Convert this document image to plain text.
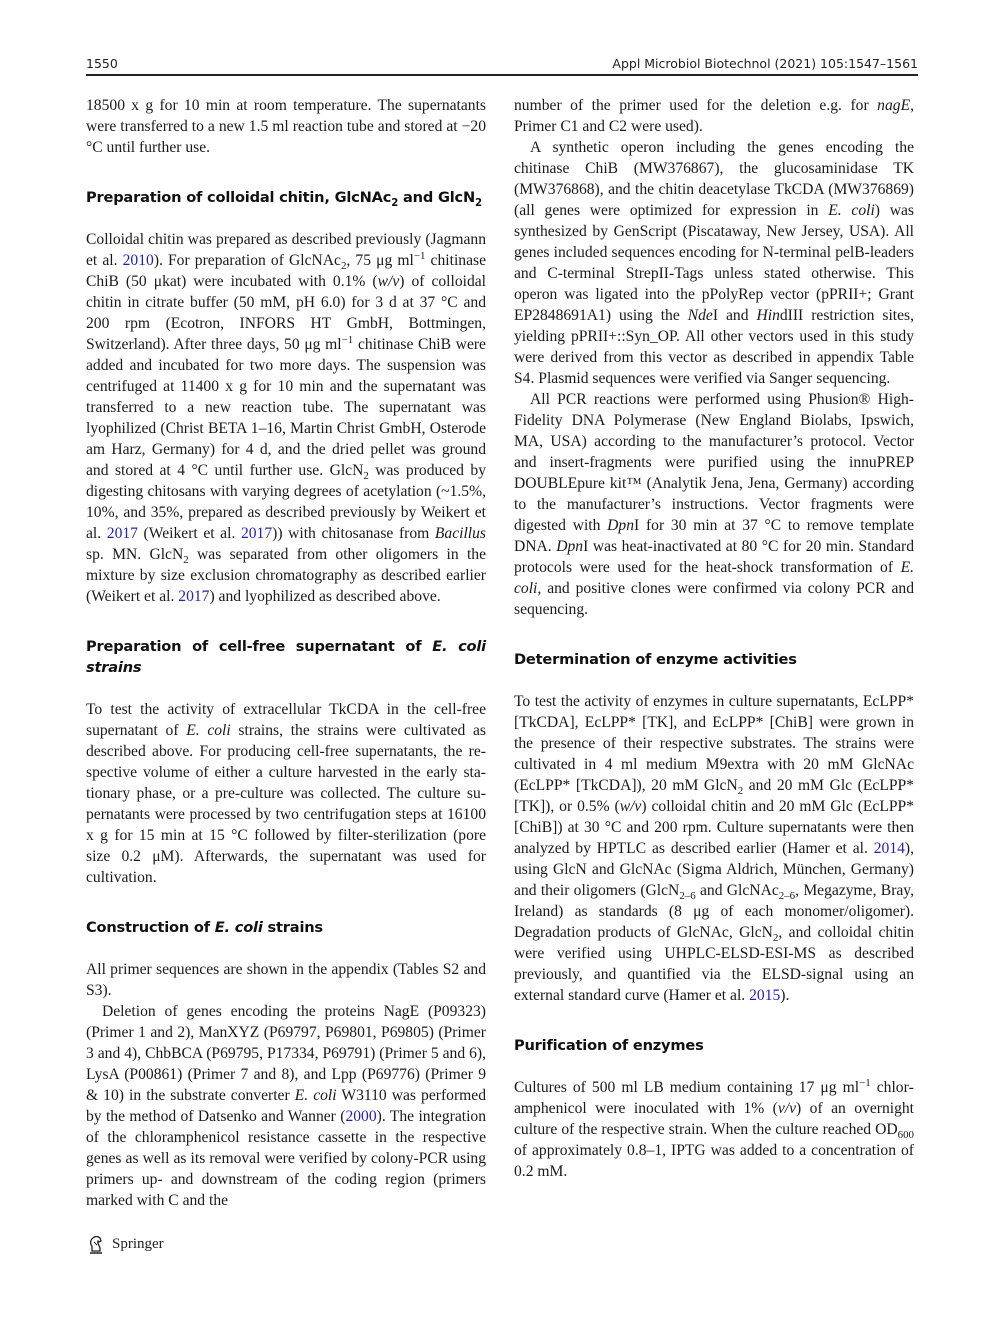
1550	Appl Microbiol Biotechnol (2021) 105:1547–1561

18500 x g for 10 min at room temperature. The supernatants were transferred to a new 1.5 ml reaction tube and stored at −20 °C until further use.

Preparation of colloidal chitin, GlcNAc$_2$ and GlcN$_2$

Colloidal chitin was prepared as described previously (Jagmann et al. 2010). For preparation of GlcNAc$_2$, 75 μg $ml^{-1}$ chitinase ChiB (50 μkat) were incubated with 0.1% (w/v) of colloidal chitin in citrate buffer (50 mM, pH 6.0) for 3 d at 37 °C and 200 rpm (Ecotron, INFORS HT GmbH, Bottmingen, Switzerland). After three days, 50 μg $ml^{-1}$ chitinase ChiB were added and incubated for two more days. The suspension was centrifuged at 11400 x g for 10 min and the supernatant was transferred to a new reaction tube. The supernatant was lyophilized (Christ BETA 1–16, Martin Christ GmbH, Osterode am Harz, Germany) for 4 d, and the dried pellet was ground and stored at 4 °C until further use. GlcN$_2$ was produced by digesting chitosans with varying degrees of acetylation (~1.5%, 10%, and 35%, prepared as described previously by Weikert et al. 2017 (Weikert et al. 2017)) with chitosanase from Bacillus sp. MN. GlcN$_2$ was separated from other oligomers in the mixture by size exclusion chromatography as described earlier (Weikert et al. 2017) and lyophilized as described above.

Preparation of cell-free supernatant of E. coli strains

To test the activity of extracellular TkCDA in the cell-free supernatant of E. coli strains, the strains were cultivated as described above. For producing cell-free supernatants, the respective volume of either a culture harvested in the early stationary phase, or a pre-culture was collected. The culture supernatants were processed by two centrifugation steps at 16100 x g for 15 min at 15 °C followed by filter-sterilization (pore size 0.2 μM). Afterwards, the supernatant was used for cultivation.

Construction of E. coli strains

All primer sequences are shown in the appendix (Tables S2 and S3).

Deletion of genes encoding the proteins NagE (P09323) (Primer 1 and 2), ManXYZ (P69797, P69801, P69805) (Primer 3 and 4), ChbBCA (P69795, P17334, P69791) (Primer 5 and 6), LysA (P00861) (Primer 7 and 8), and Lpp (P69776) (Primer 9 & 10) in the substrate converter E. coli W3110 was performed by the method of Datsenko and Wanner (2000). The integration of the chloramphenicol resistance cassette in the respective genes as well as its removal were verified by colony-PCR using primers up- and downstream of the coding region (primers marked with C and the

number of the primer used for the deletion e.g. for nagE, Primer C1 and C2 were used).

A synthetic operon including the genes encoding the chitinase ChiB (MW376867), the glucosaminidase TK (MW376868), and the chitin deacetylase TkCDA (MW376869) (all genes were optimized for expression in E. coli) was synthesized by GenScript (Piscataway, New Jersey, USA). All genes included sequences encoding for N-terminal pelB-leaders and C-terminal StrepII-Tags unless stated otherwise. This operon was ligated into the pPolyRep vector (pPRII+; Grant EP2848691A1) using the NdeI and HindIII restriction sites, yielding pPRII+::Syn_OP. All other vectors used in this study were derived from this vector as described in appendix Table S4. Plasmid sequences were verified via Sanger sequencing.

All PCR reactions were performed using Phusion® High-Fidelity DNA Polymerase (New England Biolabs, Ipswich, MA, USA) according to the manufacturer’s protocol. Vector and insert-fragments were purified using the innuPREP DOUBLEpure kit™ (Analytik Jena, Jena, Germany) according to the manufacturer’s instructions. Vector fragments were digested with DpnI for 30 min at 37 °C to remove template DNA. DpnI was heat-inactivated at 80 °C for 20 min. Standard protocols were used for the heat-shock transformation of E. coli, and positive clones were confirmed via colony PCR and sequencing.

Determination of enzyme activities

To test the activity of enzymes in culture supernatants, EcLPP* [TkCDA], EcLPP* [TK], and EcLPP* [ChiB] were grown in the presence of their respective substrates. The strains were cultivated in 4 ml medium M9extra with 20 mM GlcNAc (EcLPP* [TkCDA]), 20 mM GlcN$_2$ and 20 mM Glc (EcLPP* [TK]), or 0.5% (w/v) colloidal chitin and 20 mM Glc (EcLPP* [ChiB]) at 30 °C and 200 rpm. Culture supernatants were then analyzed by HPTLC as described earlier (Hamer et al. 2014), using GlcN and GlcNAc (Sigma Aldrich, München, Germany) and their oligomers (GlcN$_{2-6}$ and GlcNAc$_{2-6}$, Megazyme, Bray, Ireland) as standards (8 μg of each monomer/oligomer). Degradation products of GlcNAc, GlcN$_2$, and colloidal chitin were verified using UHPLC-ELSD-ESI-MS as described previously, and quantified via the ELSD-signal using an external standard curve (Hamer et al. 2015).

Purification of enzymes

Cultures of 500 ml LB medium containing 17 μg $ml^{-1}$ chloramphenicol were inoculated with 1% (v/v) of an overnight culture of the respective strain. When the culture reached $OD_{600}$ of approximately 0.8–1, IPTG was added to a concentration of 0.2 mM.

Springer
